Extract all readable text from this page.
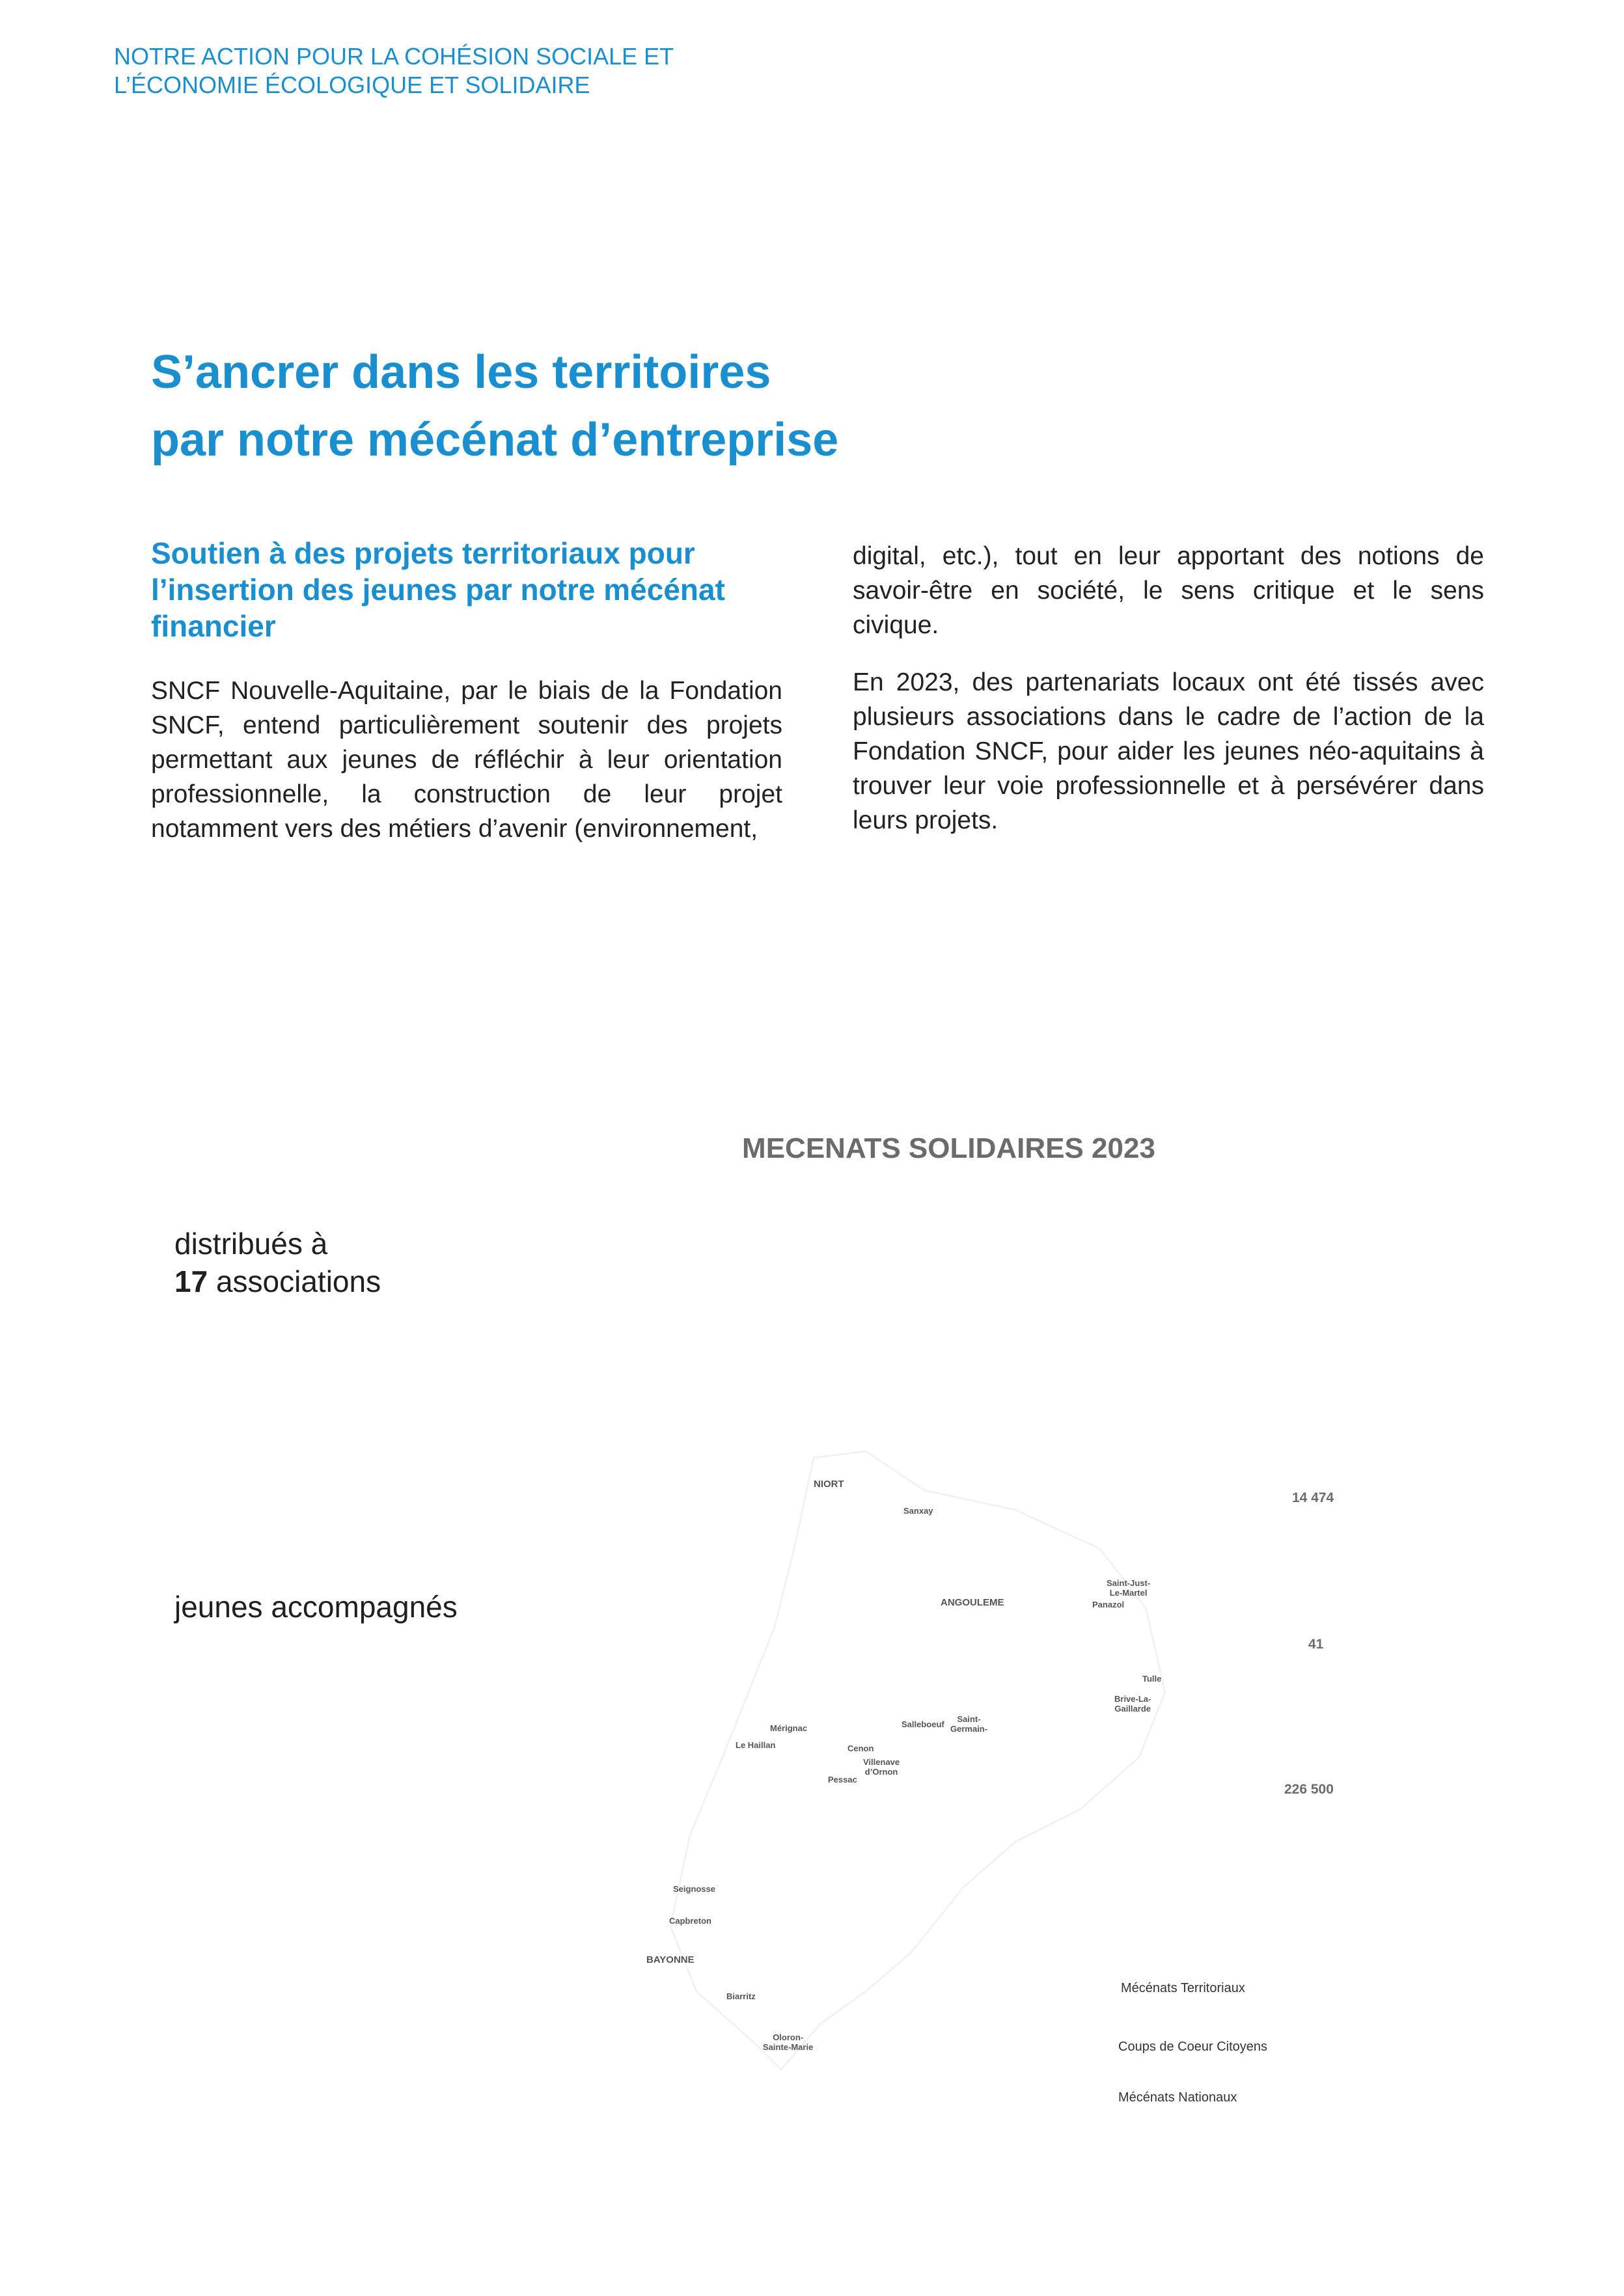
NOTRE ACTION POUR LA COHÉSION SOCIALE ET
L’ÉCONOMIE ÉCOLOGIQUE ET SOLIDAIRE
S’ancrer dans les territoires
par notre mécénat d’entreprise
Soutien à des projets territoriaux pour l’insertion des jeunes par notre mécénat financier
SNCF Nouvelle-Aquitaine, par le biais de la Fondation SNCF, entend particulièrement soutenir des projets permettant aux jeunes de réfléchir à leur orientation professionnelle, la construction de leur projet notamment vers des métiers d’avenir (environnement,
digital, etc.), tout en leur apportant des notions de savoir-être en société, le sens critique et le sens civique.
En 2023, des partenariats locaux ont été tissés avec plusieurs associations dans le cadre de l’action de la Fondation SNCF, pour aider les jeunes néo-aquitains à trouver leur voie professionnelle et à persévérer dans leurs projets.
MECENATS SOLIDAIRES 2023
distribués à
17 associations
jeunes accompagnés
NIORT
Sanxay
ANGOULEME
Saint-Just-
Le-Martel
Panazol
Tulle
Brive-La-
Gaillarde
Mérignac
Le Haillan
Salleboeuf
Saint-
Germain-
Cenon
Villenave
d’Ornon
Pessac
Seignosse
Capbreton
BAYONNE
Biarritz
Oloron-
Sainte-Marie
14 474
41
226 500
Mécénats Territoriaux
Coups de Coeur Citoyens
Mécénats Nationaux
